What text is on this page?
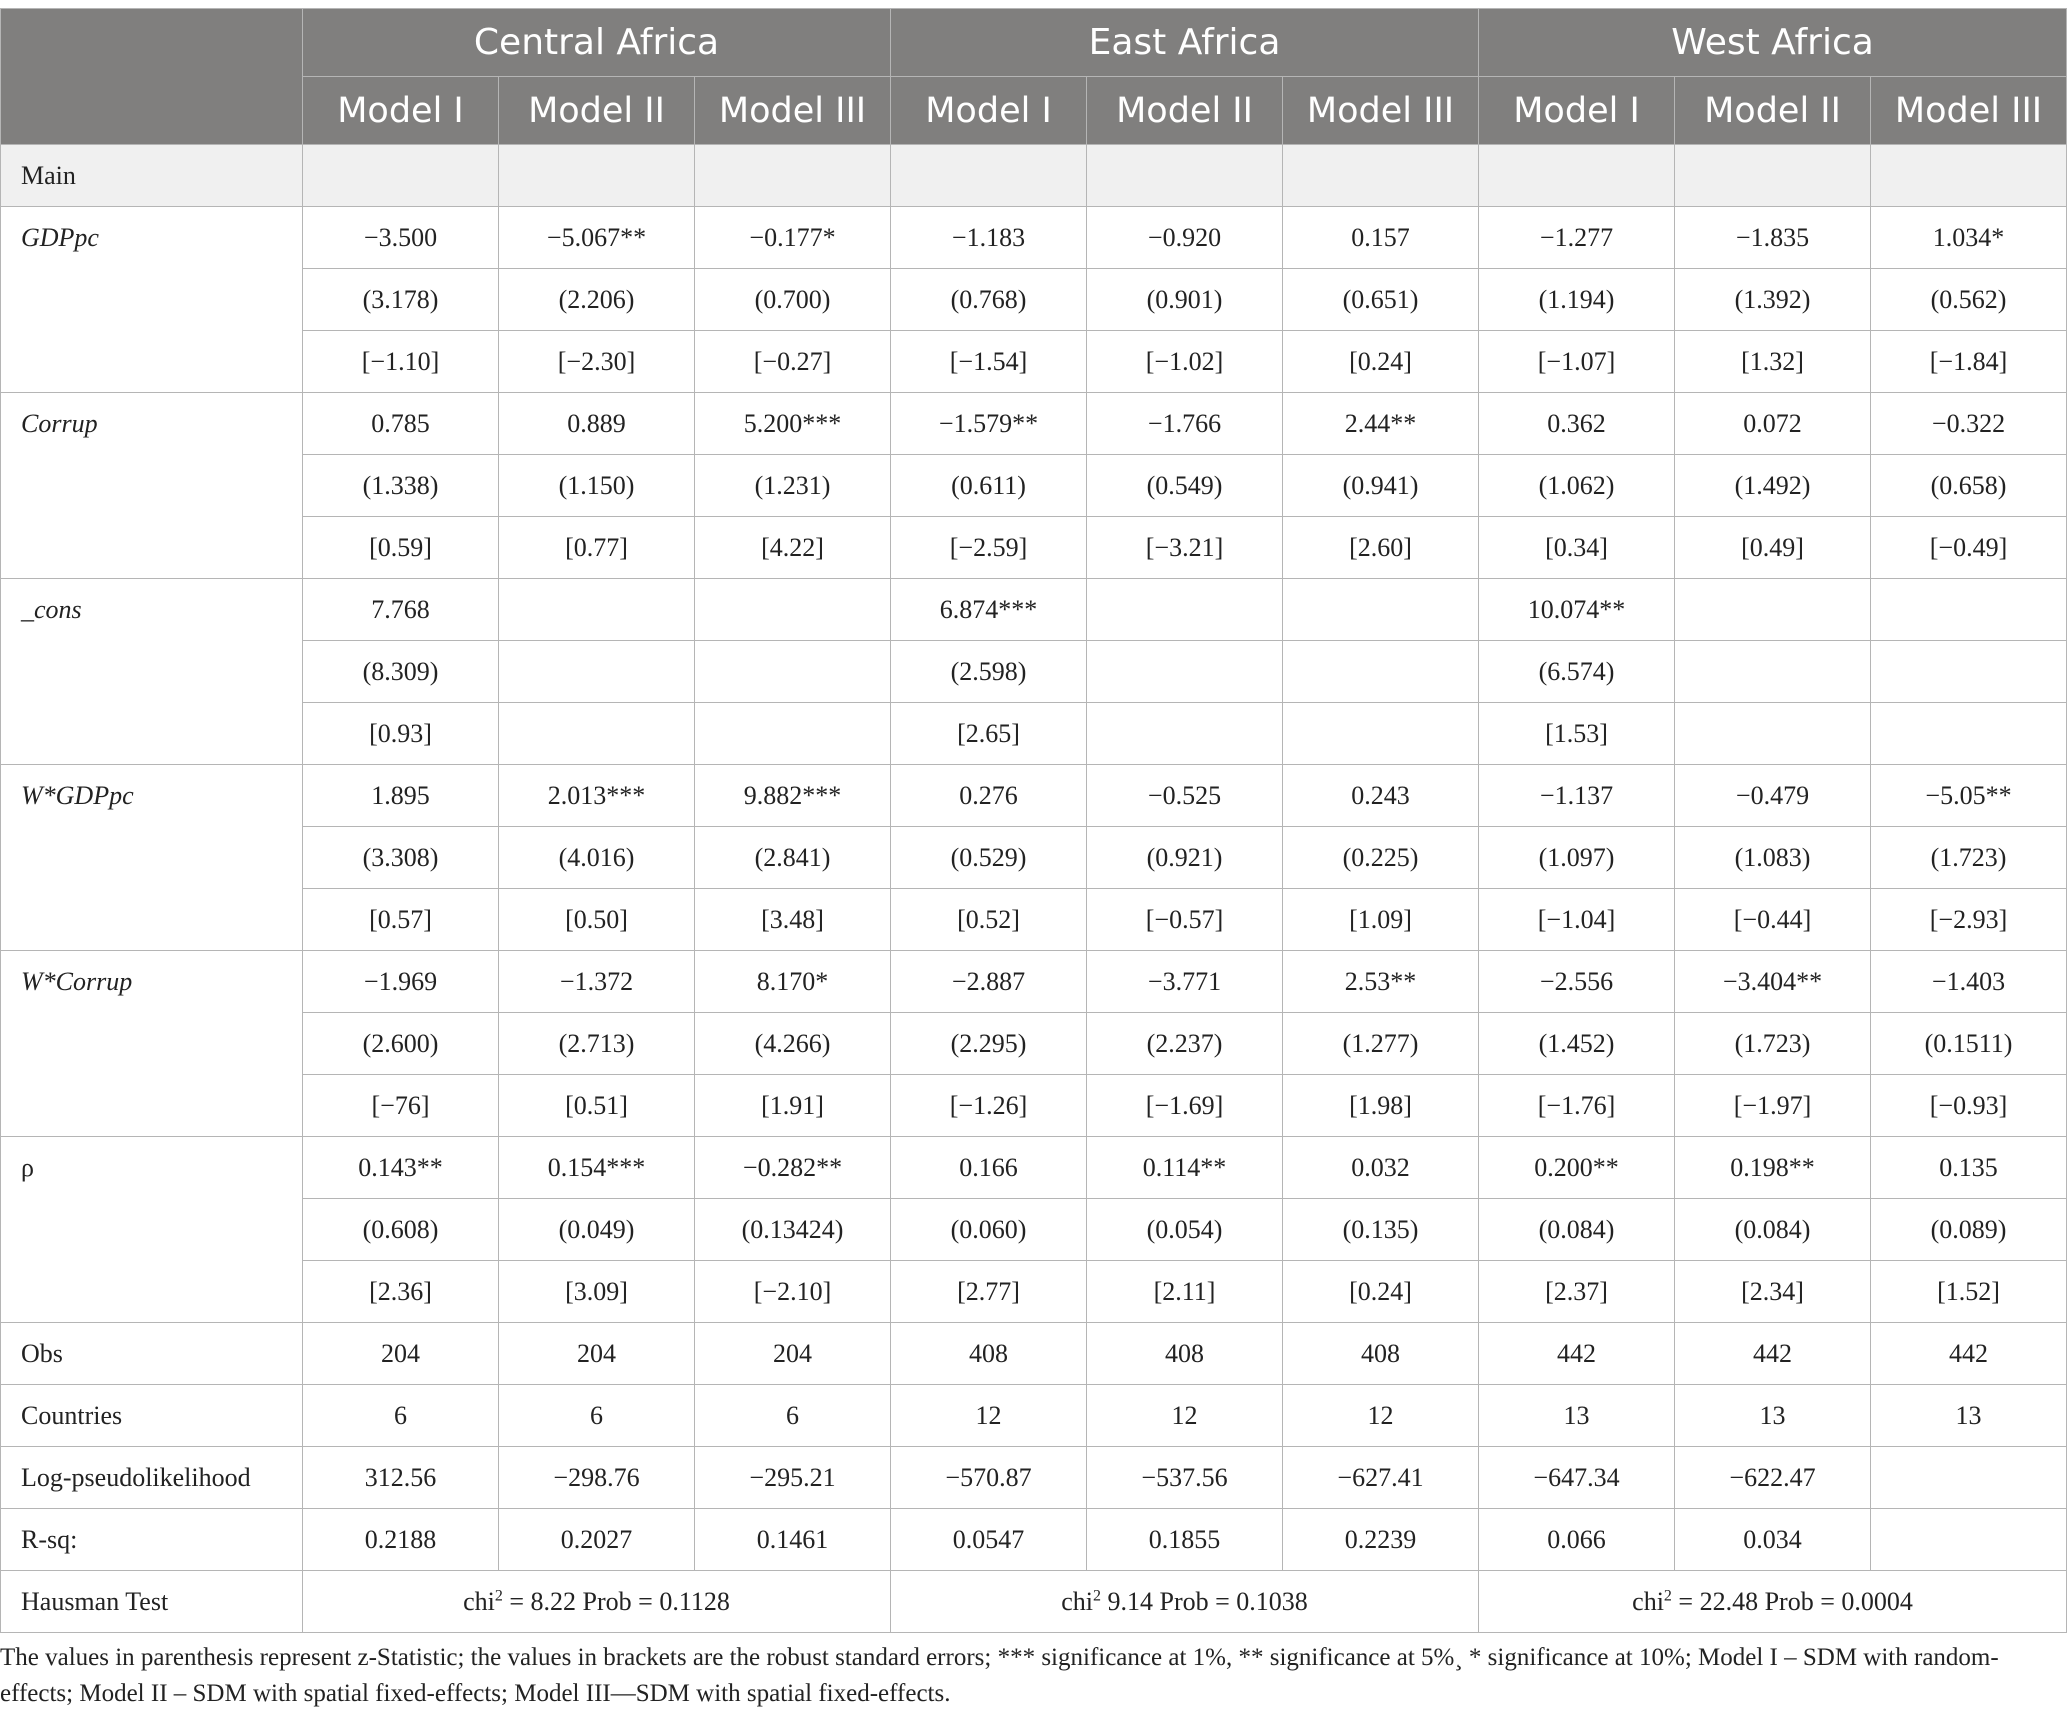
	Central Africa			East Africa			West Africa		
	Model I	Model II	Model III	Model I	Model II	Model III	Model I	Model II	Model III
Main									
GDPpc	−3.500	−5.067**	−0.177*	−1.183	−0.920	0.157	−1.277	−1.835	1.034*
	(3.178)	(2.206)	(0.700)	(0.768)	(0.901)	(0.651)	(1.194)	(1.392)	(0.562)
	[−1.10]	[−2.30]	[−0.27]	[−1.54]	[−1.02]	[0.24]	[−1.07]	[1.32]	[−1.84]
Corrup	0.785	0.889	5.200***	−1.579**	−1.766	2.44**	0.362	0.072	−0.322
	(1.338)	(1.150)	(1.231)	(0.611)	(0.549)	(0.941)	(1.062)	(1.492)	(0.658)
	[0.59]	[0.77]	[4.22]	[−2.59]	[−3.21]	[2.60]	[0.34]	[0.49]	[−0.49]
_cons	7.768			6.874***			10.074**		
	(8.309)			(2.598)			(6.574)		
	[0.93]			[2.65]			[1.53]		
W*GDPpc	1.895	2.013***	9.882***	0.276	−0.525	0.243	−1.137	−0.479	−5.05**
	(3.308)	(4.016)	(2.841)	(0.529)	(0.921)	(0.225)	(1.097)	(1.083)	(1.723)
	[0.57]	[0.50]	[3.48]	[0.52]	[−0.57]	[1.09]	[−1.04]	[−0.44]	[−2.93]
W*Corrup	−1.969	−1.372	8.170*	−2.887	−3.771	2.53**	−2.556	−3.404**	−1.403
	(2.600)	(2.713)	(4.266)	(2.295)	(2.237)	(1.277)	(1.452)	(1.723)	(0.1511)
	[−76]	[0.51]	[1.91]	[−1.26]	[−1.69]	[1.98]	[−1.76]	[−1.97]	[−0.93]
ρ	0.143**	0.154***	−0.282**	0.166	0.114**	0.032	0.200**	0.198**	0.135
	(0.608)	(0.049)	(0.13424)	(0.060)	(0.054)	(0.135)	(0.084)	(0.084)	(0.089)
	[2.36]	[3.09]	[−2.10]	[2.77]	[2.11]	[0.24]	[2.37]	[2.34]	[1.52]
Obs	204	204	204	408	408	408	442	442	442
Countries	6	6	6	12	12	12	13	13	13
Log-pseudolikelihood	312.56	−298.76	−295.21	−570.87	−537.56	−627.41	−647.34	−622.47	
R-sq:	0.2188	0.2027	0.1461	0.0547	0.1855	0.2239	0.066	0.034	
Hausman Test	chi$^2$ = 8.22 Prob = 0.1128			chi$^2$ 9.14 Prob = 0.1038			chi$^2$ = 22.48 Prob = 0.0004		
The values in parenthesis represent z-Statistic; the values in brackets are the robust standard errors; *** significance at 1%, ** significance at 5%¸ * significance at 10%; Model I – SDM with random-effects; Model II – SDM with spatial fixed-effects; Model III—SDM with spatial fixed-effects.
